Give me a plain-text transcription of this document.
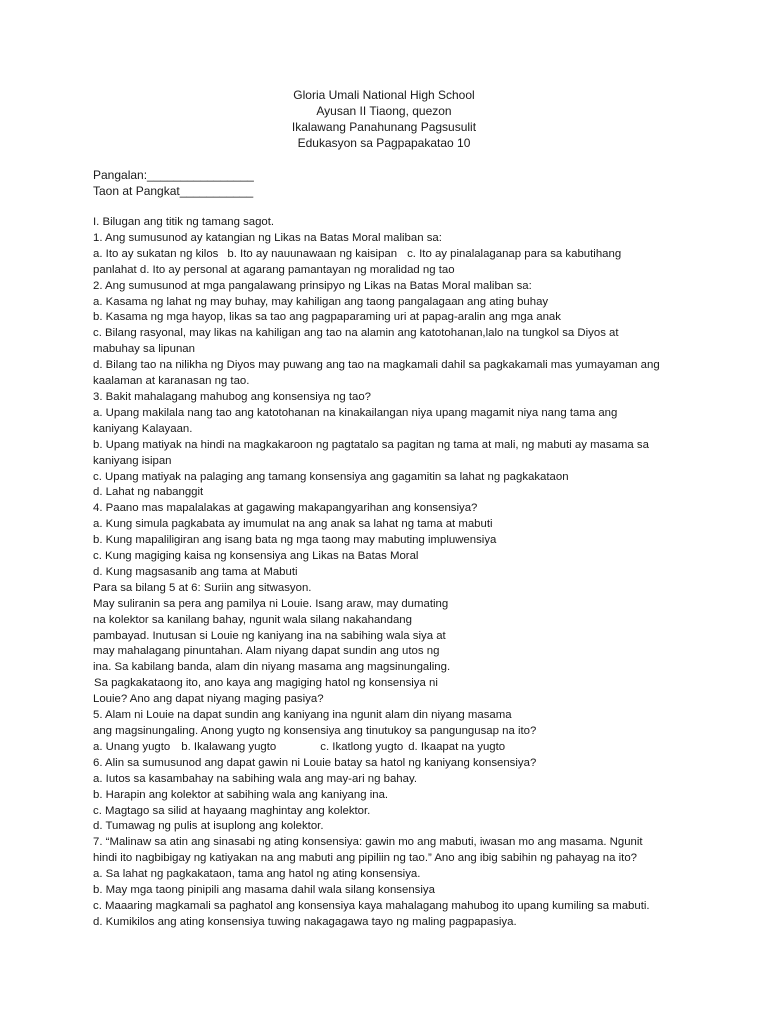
Gloria Umali National High School
Ayusan II Tiaong, quezon
Ikalawang Panahunang Pagsusulit
Edukasyon sa Pagpapakatao 10
Pangalan:________________
Taon at Pangkat___________
I. Bilugan ang titik ng tamang sagot.
1. Ang sumusunod ay katangian ng Likas na Batas Moral maliban sa:
a. Ito ay sukatan ng kilos b. Ito ay nauunawaan ng kaisipan c. Ito ay pinalalaganap para sa kabutihang
panlahat d. Ito ay personal at agarang pamantayan ng moralidad ng tao
2. Ang sumusunod at mga pangalawang prinsipyo ng Likas na Batas Moral maliban sa:
a. Kasama ng lahat ng may buhay, may kahiligan ang taong pangalagaan ang ating buhay
b. Kasama ng mga hayop, likas sa tao ang pagpaparaming uri at papag-aralin ang mga anak
c. Bilang rasyonal, may likas na kahiligan ang tao na alamin ang katotohanan,lalo na tungkol sa Diyos at
mabuhay sa lipunan
d. Bilang tao na nilikha ng Diyos may puwang ang tao na magkamali dahil sa pagkakamali mas yumayaman ang
kaalaman at karanasan ng tao.
3. Bakit mahalagang mahubog ang konsensiya ng tao?
a. Upang makilala nang tao ang katotohanan na kinakailangan niya upang magamit niya nang tama ang
kaniyang Kalayaan.
b. Upang matiyak na hindi na magkakaroon ng pagtatalo sa pagitan ng tama at mali, ng mabuti ay masama sa
kaniyang isipan
c. Upang matiyak na palaging ang tamang konsensiya ang gagamitin sa lahat ng pagkakataon
d. Lahat ng nabanggit
4. Paano mas mapalalakas at gagawing makapangyarihan ang konsensiya?
a. Kung simula pagkabata ay imumulat na ang anak sa lahat ng tama at mabuti
b. Kung mapaliligiran ang isang bata ng mga taong may mabuting impluwensiya
c. Kung magiging kaisa ng konsensiya ang Likas na Batas Moral
d. Kung magsasanib ang tama at Mabuti
Para sa bilang 5 at 6: Suriin ang sitwasyon.
May suliranin sa pera ang pamilya ni Louie. Isang araw, may dumating
na kolektor sa kanilang bahay, ngunit wala silang nakahandang
pambayad. Inutusan si Louie ng kaniyang ina na sabihing wala siya at
may mahalagang pinuntahan. Alam niyang dapat sundin ang utos ng
ina. Sa kabilang banda, alam din niyang masama ang magsinungaling.
Sa pagkakataong ito, ano kaya ang magiging hatol ng konsensiya ni
Louie? Ano ang dapat niyang maging pasiya?
5. Alam ni Louie na dapat sundin ang kaniyang ina ngunit alam din niyang masama
ang magsinungaling. Anong yugto ng konsensiya ang tinutukoy sa pangungusap na ito?
a. Unang yugto b. Ikalawang yugto	c. Ikatlong yugto d. Ikaapat na yugto
6. Alin sa sumusunod ang dapat gawin ni Louie batay sa hatol ng kaniyang konsensiya?
a. Iutos sa kasambahay na sabihing wala ang may-ari ng bahay.
b. Harapin ang kolektor at sabihing wala ang kaniyang ina.
c. Magtago sa silid at hayaang maghintay ang kolektor.
d. Tumawag ng pulis at isuplong ang kolektor.
7. “Malinaw sa atin ang sinasabi ng ating konsensiya: gawin mo ang mabuti, iwasan mo ang masama. Ngunit
hindi ito nagbibigay ng katiyakan na ang mabuti ang pipiliin ng tao.” Ano ang ibig sabihin ng pahayag na ito?
a. Sa lahat ng pagkakataon, tama ang hatol ng ating konsensiya.
b. May mga taong pinipili ang masama dahil wala silang konsensiya
c. Maaaring magkamali sa paghatol ang konsensiya kaya mahalagang mahubog ito upang kumiling sa mabuti.
d. Kumikilos ang ating konsensiya tuwing nakagagawa tayo ng maling pagpapasiya.
